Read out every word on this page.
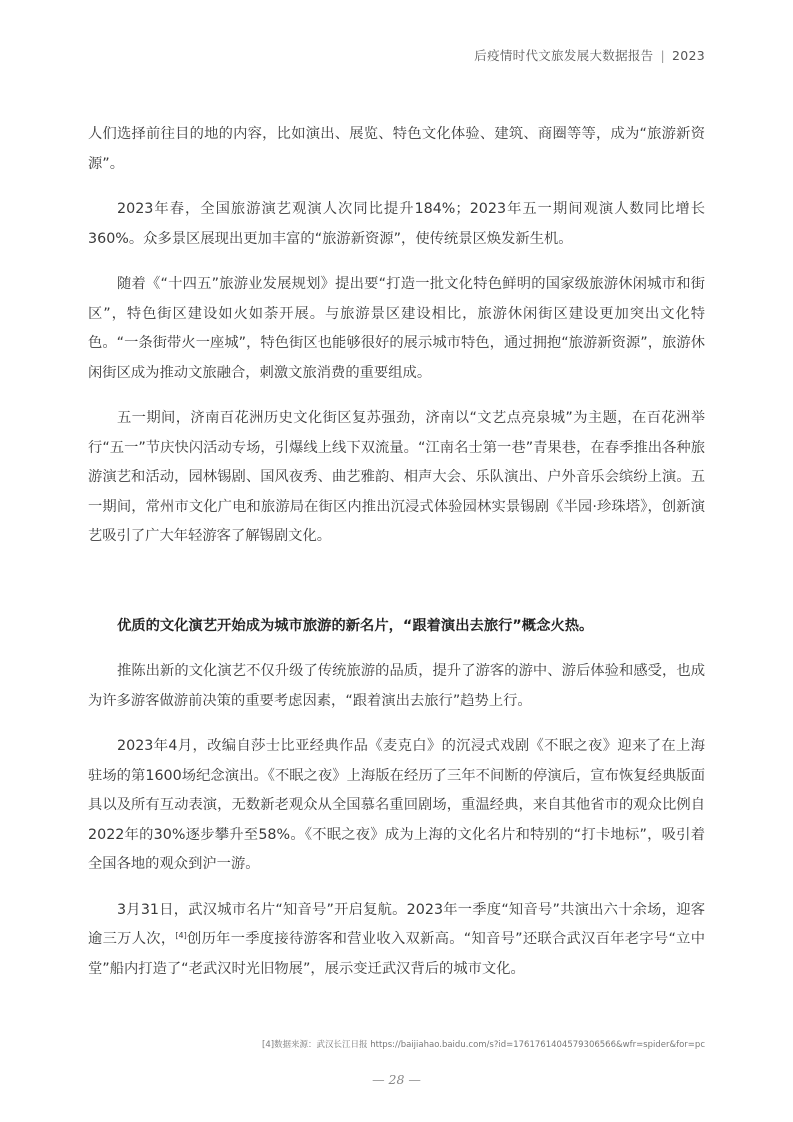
后疫情时代文旅发展大数据报告 | 2023

人们选择前往目的地的内容，比如演出、展览、特色文化体验、建筑、商圈等等，成为“旅游新资源”。

2023年春，全国旅游演艺观演人次同比提升184%；2023年五一期间观演人数同比增长360%。众多景区展现出更加丰富的“旅游新资源”，使传统景区焕发新生机。

随着《“十四五”旅游业发展规划》提出要“打造一批文化特色鲜明的国家级旅游休闲城市和街区”，特色街区建设如火如荼开展。与旅游景区建设相比，旅游休闲街区建设更加突出文化特色。“一条街带火一座城”，特色街区也能够很好的展示城市特色，通过拥抱“旅游新资源”，旅游休闲街区成为推动文旅融合，刺激文旅消费的重要组成。

五一期间，济南百花洲历史文化街区复苏强劲，济南以“文艺点亮泉城”为主题，在百花洲举行“五一”节庆快闪活动专场，引爆线上线下双流量。“江南名士第一巷”青果巷，在春季推出各种旅游演艺和活动，园林锡剧、国风夜秀、曲艺雅韵、相声大会、乐队演出、户外音乐会缤纷上演。五一期间，常州市文化广电和旅游局在街区内推出沉浸式体验园林实景锡剧《半园·珍珠塔》，创新演艺吸引了广大年轻游客了解锡剧文化。

优质的文化演艺开始成为城市旅游的新名片，“跟着演出去旅行”概念火热。

推陈出新的文化演艺不仅升级了传统旅游的品质，提升了游客的游中、游后体验和感受，也成为许多游客做游前决策的重要考虑因素，“跟着演出去旅行”趋势上行。

2023年4月，改编自莎士比亚经典作品《麦克白》的沉浸式戏剧《不眠之夜》迎来了在上海驻场的第1600场纪念演出。《不眠之夜》上海版在经历了三年不间断的停演后，宣布恢复经典版面具以及所有互动表演，无数新老观众从全国慕名重回剧场，重温经典，来自其他省市的观众比例自2022年的30%逐步攀升至58%。《不眠之夜》成为上海的文化名片和特别的“打卡地标”，吸引着全国各地的观众到沪一游。

3月31日，武汉城市名片“知音号”开启复航。2023年一季度“知音号”共演出六十余场，迎客逾三万人次，[4]创历年一季度接待游客和营业收入双新高。“知音号”还联合武汉百年老字号“立中堂”船内打造了“老武汉时光旧物展”，展示变迁武汉背后的城市文化。

[4]数据来源：武汉长江日报 https://baijiahao.baidu.com/s?id=1761761404579306566&wfr=spider&for=pc
— 28 —
